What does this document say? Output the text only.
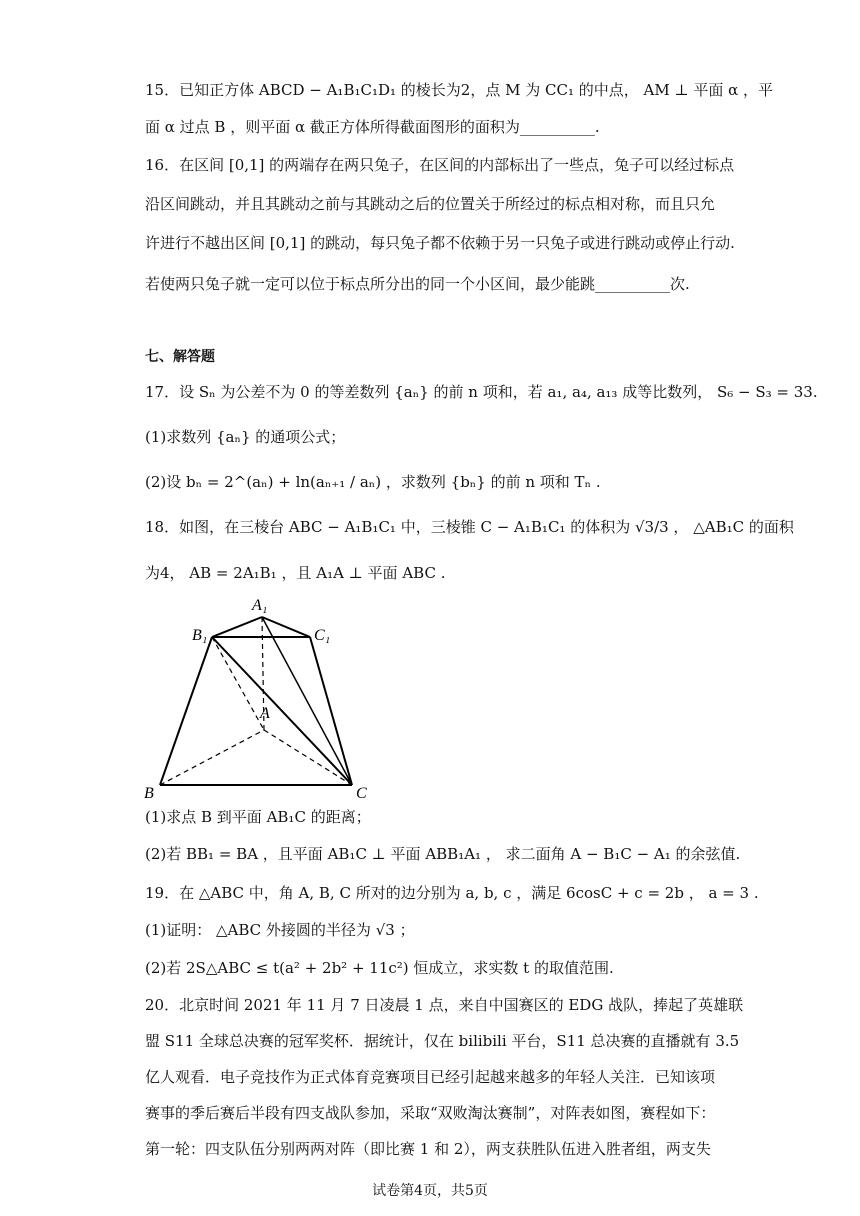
15．已知正方体 ABCD − A₁B₁C₁D₁ 的棱长为2，点 M 为 CC₁ 的中点， AM ⊥ 平面 α ，平
面 α 过点 B ，则平面 α 截正方体所得截面图形的面积为__________.
16．在区间 [0,1] 的两端存在两只兔子，在区间的内部标出了一些点，兔子可以经过标点
沿区间跳动，并且其跳动之前与其跳动之后的位置关于所经过的标点相对称，而且只允
许进行不越出区间 [0,1] 的跳动，每只兔子都不依赖于另一只兔子或进行跳动或停止行动.
若使两只兔子就一定可以位于标点所分出的同一个小区间，最少能跳__________次.
七、解答题
17．设 Sₙ 为公差不为 0 的等差数列 {aₙ} 的前 n 项和，若 a₁, a₄, a₁₃ 成等比数列， S₆ − S₃ = 33.
(1)求数列 {aₙ} 的通项公式；
(2)设 bₙ = 2^(aₙ) + ln(aₙ₊₁ / aₙ) ，求数列 {bₙ} 的前 n 项和 Tₙ .
18．如图，在三棱台 ABC − A₁B₁C₁ 中，三棱锥 C − A₁B₁C₁ 的体积为 √3/3 ， △AB₁C 的面积
为4， AB = 2A₁B₁ ，且 A₁A ⊥ 平面 ABC .
A₁
B₁	C₁
A
B	C
(1)求点 B 到平面 AB₁C 的距离；
(2)若 BB₁ = BA ，且平面 AB₁C ⊥ 平面 ABB₁A₁ ， 求二面角 A − B₁C − A₁ 的余弦值.
19．在 △ABC 中，角 A, B, C 所对的边分别为 a, b, c ，满足 6cosC + c = 2b ， a = 3 .
(1)证明： △ABC 外接圆的半径为 √3 ；
(2)若 2S△ABC ≤ t(a² + 2b² + 11c²) 恒成立，求实数 t 的取值范围.
20．北京时间 2021 年 11 月 7 日凌晨 1 点，来自中国赛区的 EDG 战队，捧起了英雄联
盟 S11 全球总决赛的冠军奖杯．据统计，仅在 bilibili 平台，S11 总决赛的直播就有 3.5
亿人观看．电子竞技作为正式体育竞赛项目已经引起越来越多的年轻人关注．已知该项
赛事的季后赛后半段有四支战队参加，采取“双败淘汰赛制”，对阵表如图，赛程如下：
第一轮：四支队伍分别两两对阵（即比赛 1 和 2），两支获胜队伍进入胜者组，两支失
试卷第4页，共5页
